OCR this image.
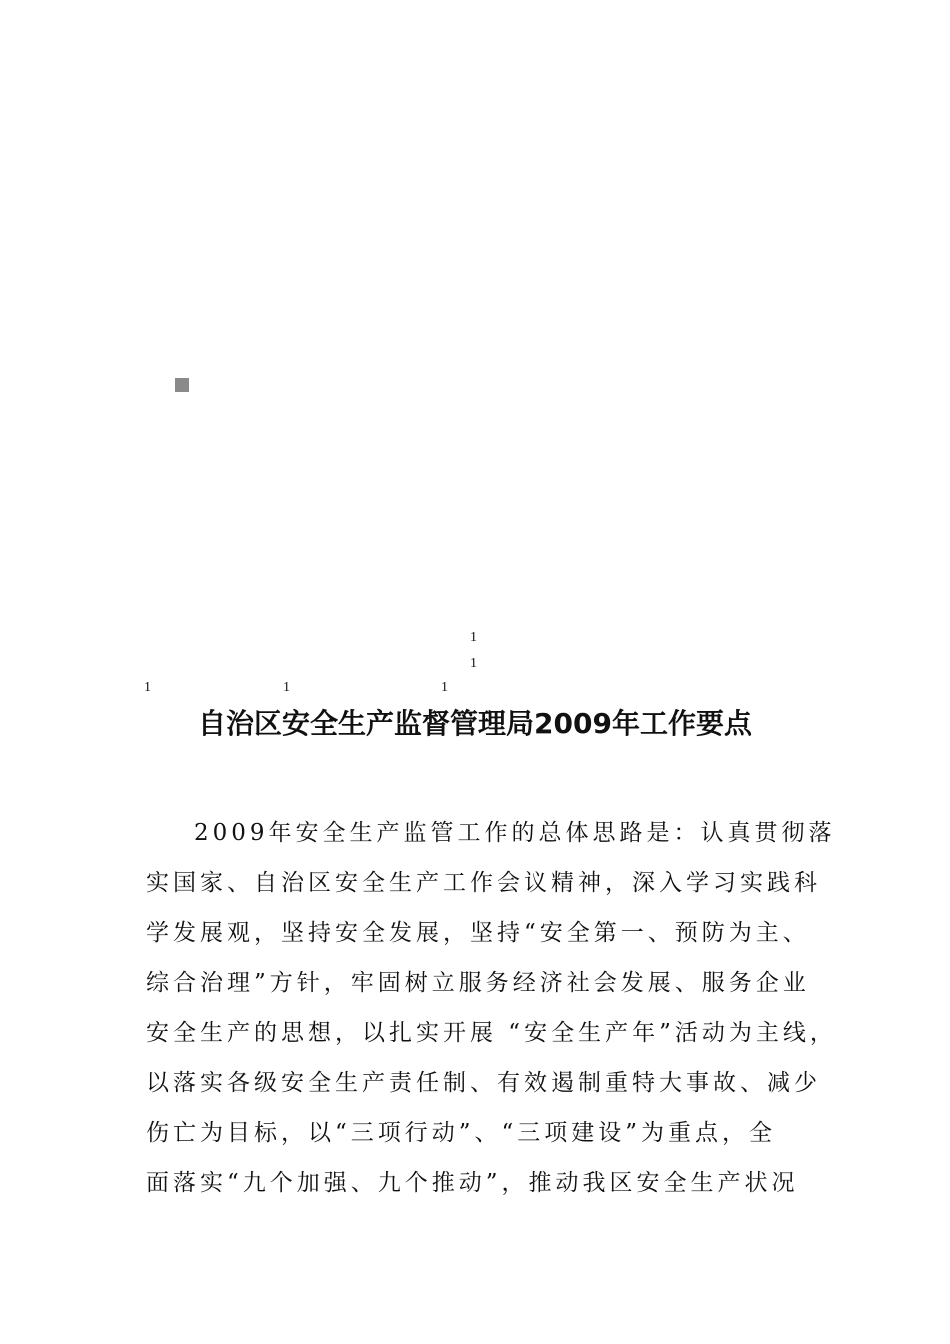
1
1
1	1	1
自治区安全生产监督管理局2009年工作要点
2009年安全生产监管工作的总体思路是：认真贯彻落
实国家、自治区安全生产工作会议精神，深入学习实践科
学发展观，坚持安全发展，坚持“安全第一、预防为主、
综合治理”方针，牢固树立服务经济社会发展、服务企业
安全生产的思想，以扎实开展 “安全生产年”活动为主线，
以落实各级安全生产责任制、有效遏制重特大事故、减少
伤亡为目标，以“三项行动”、“三项建设”为重点，全
面落实“九个加强、九个推动”，推动我区安全生产状况
